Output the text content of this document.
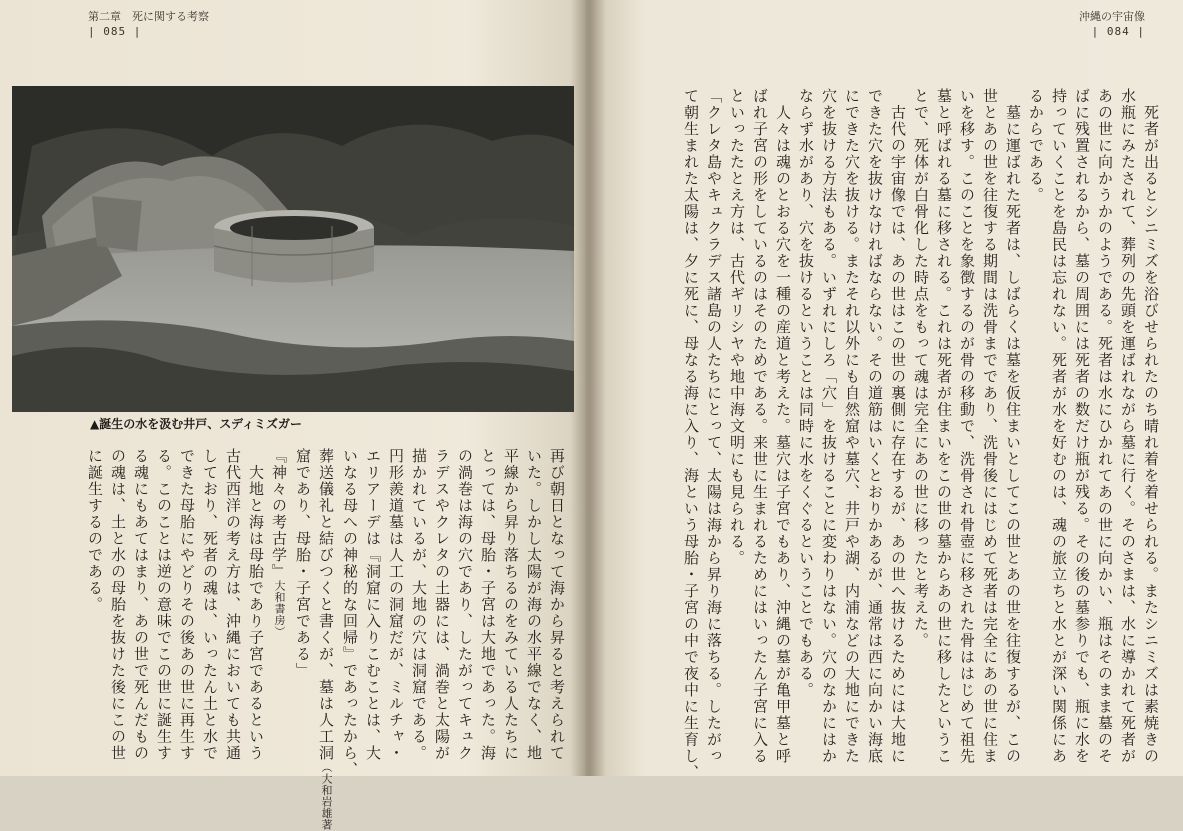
第二章　死に関する考察
| 085 |
▲誕生の水を汲む井戸、スディミズガー

再び朝日となって海から昇ると考えられて

いた。しかし太陽が海の水平線でなく、地

平線から昇り落ちるのをみている人たちに

とっては、母胎・子宮は大地であった。海

の渦巻は海の穴であり、したがってキュク

ラデスやクレタの土器には、渦巻と太陽が

描かれているが、大地の穴は洞窟である。

円形羨道墓は人工の洞窟だが、ミルチャ・

エリアーデは『洞窟に入りこむことは、大

いなる母への神秘的な回帰』であったから、

葬送儀礼と結びつくと書くが、墓は人工洞（大和岩雄著

窟であり、母胎・子宮である」

『神々の考古学』大和書房）

　大地と海は母胎であり子宮であるという

古代西洋の考え方は、沖縄においても共通

しており、死者の魂は、いったん土と水で

できた母胎にやどりその後あの世に再生す

る。このことは逆の意味でこの世に誕生す

る魂にもあてはまり、あの世で死んだもの

の魂は、土と水の母胎を抜けた後にこの世

に誕生するのである。

沖縄の宇宙像
| 084 |

　死者が出るとシニミズを浴びせられたのち晴れ着を着せられる。またシニミズは素焼きの

水瓶にみたされて、葬列の先頭を運ばれながら墓に行く。そのさまは、水に導かれて死者が

あの世に向かうかのようである。死者は水にひかれてあの世に向かい、瓶はそのまま墓のそ

ばに残置されるから、墓の周囲には死者の数だけ瓶が残る。その後の墓参りでも、瓶に水を

持っていくことを島民は忘れない。死者が水を好むのは、魂の旅立ちと水とが深い関係にあ

るからである。

　墓に運ばれた死者は、しばらくは墓を仮住まいとしてこの世とあの世を往復するが、この

世とあの世を往復する期間は洗骨までであり、洗骨後にはじめて死者は完全にあの世に住ま

いを移す。このことを象徴するのが骨の移動で、洗骨され骨壺に移された骨ははじめて祖先

墓と呼ばれる墓に移される。これは死者が住まいをこの世の墓からあの世に移したというこ

とで、死体が白骨化した時点をもって魂は完全にあの世に移ったと考えた。

　古代の宇宙像では、あの世はこの世の裏側に存在するが、あの世へ抜けるためには大地に

できた穴を抜けなければならない。その道筋はいくとおりかあるが、通常は西に向かい海底

にできた穴を抜ける。またそれ以外にも自然窟や墓穴、井戸や湖、内浦などの大地にできた

穴を抜ける方法もある。いずれにしろ「穴」を抜けることに変わりはない。穴のなかにはか

ならず水があり、穴を抜けるということは同時に水をくぐるということでもある。

　人々は魂のとおる穴を一種の産道と考えた。墓穴は子宮でもあり、沖縄の墓が亀甲墓と呼

ばれ子宮の形をしているのはそのためである。来世に生まれるためにはいったん子宮に入る

といったたとえ方は、古代ギリシヤや地中海文明にも見られる。

「クレタ島やキュクラデス諸島の人たちにとって、太陽は海から昇り海に落ちる。したがっ

て朝生まれた太陽は、夕に死に、母なる海に入り、海という母胎・子宮の中で夜中に生育し、
